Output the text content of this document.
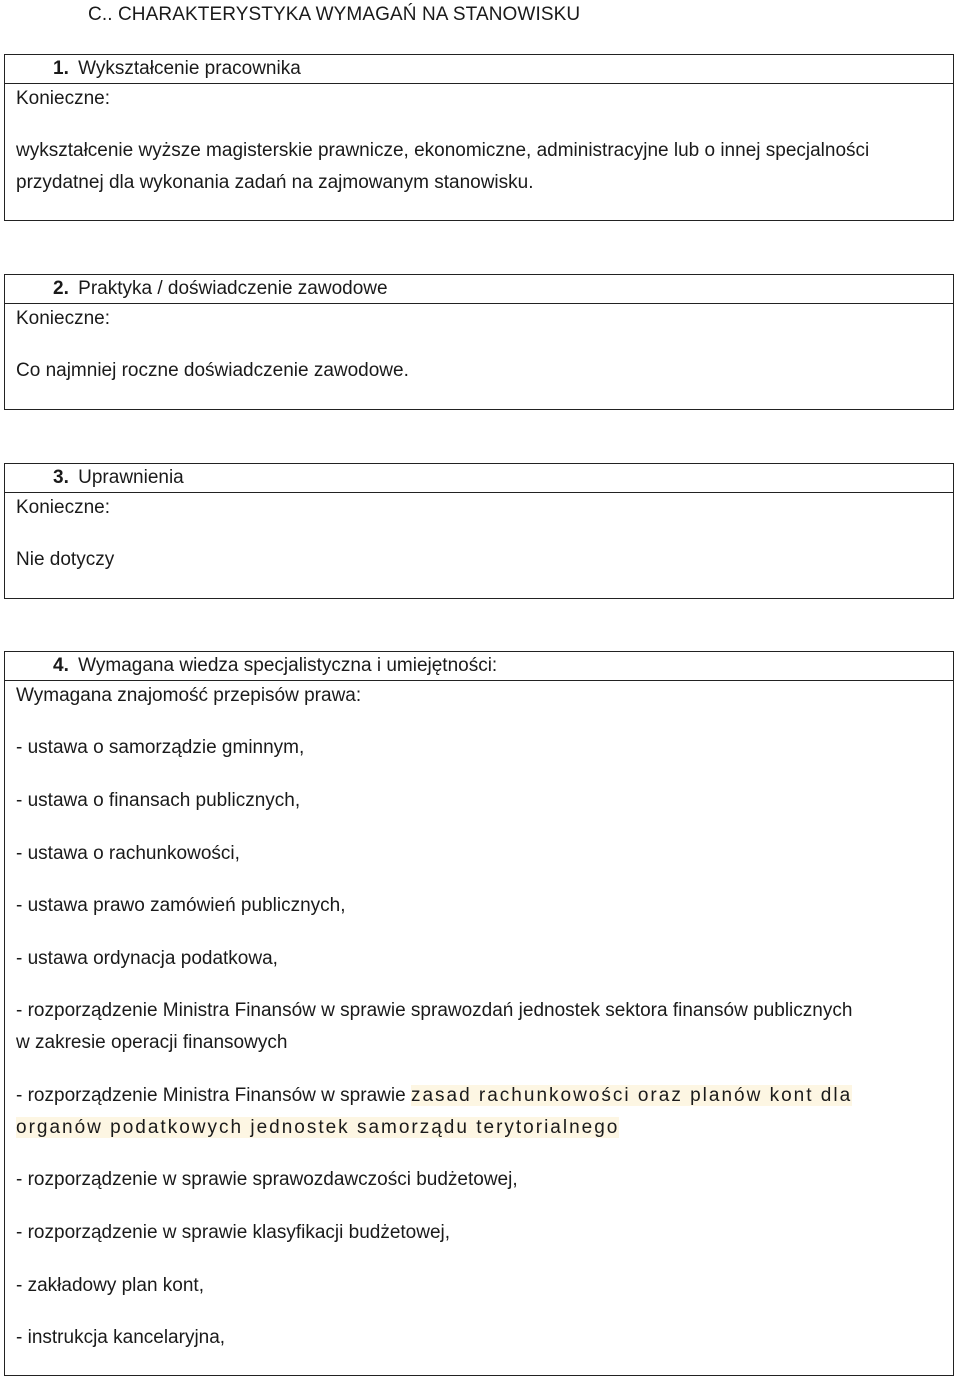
C.. CHARAKTERYSTYKA WYMAGAŃ NA STANOWISKU
1. Wykształcenie pracownika
Konieczne:
wykształcenie wyższe magisterskie prawnicze, ekonomiczne, administracyjne lub o innej specjalności
przydatnej dla wykonania zadań na zajmowanym stanowisku.
2. Praktyka / doświadczenie zawodowe
Konieczne:
Co najmniej roczne doświadczenie zawodowe.
3. Uprawnienia
Konieczne:
Nie dotyczy
4. Wymagana wiedza specjalistyczna i umiejętności:
Wymagana znajomość przepisów prawa:
- ustawa o samorządzie gminnym,
- ustawa o finansach publicznych,
- ustawa o rachunkowości,
- ustawa prawo zamówień publicznych,
- ustawa ordynacja podatkowa,
- rozporządzenie Ministra Finansów w sprawie sprawozdań jednostek sektora finansów publicznych
w zakresie operacji finansowych
- rozporządzenie Ministra Finansów w sprawie zasad rachunkowości oraz planów kont dla
organów podatkowych jednostek samorządu terytorialnego
- rozporządzenie w sprawie sprawozdawczości budżetowej,
- rozporządzenie w sprawie klasyfikacji budżetowej,
- zakładowy plan kont,
- instrukcja kancelaryjna,
